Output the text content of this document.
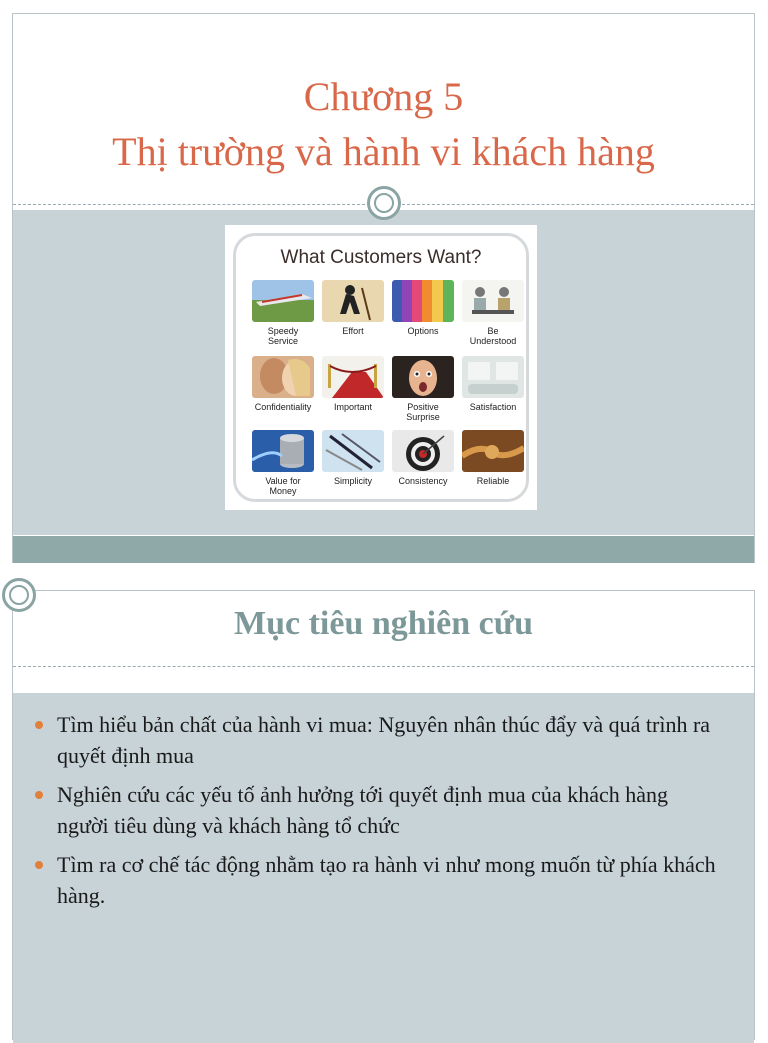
Chương 5
Thị trường và hành vi khách hàng
What Customers Want?
Speedy
Service
Effort	Options	Be
Understood
Confidentiality	Important	Positive
Surprise
Satisfaction
Value for
Money
Simplicity	Consistency	Reliable
Mục tiêu nghiên cứu
Tìm hiểu bản chất của hành vi mua: Nguyên nhân thúc đẩy và quá trình ra quyết định mua
Nghiên cứu các yếu tố ảnh hưởng tới quyết định mua của khách hàng người tiêu dùng và khách hàng tổ chức
Tìm ra cơ chế tác động nhằm tạo ra hành vi như mong muốn từ phía khách hàng.
